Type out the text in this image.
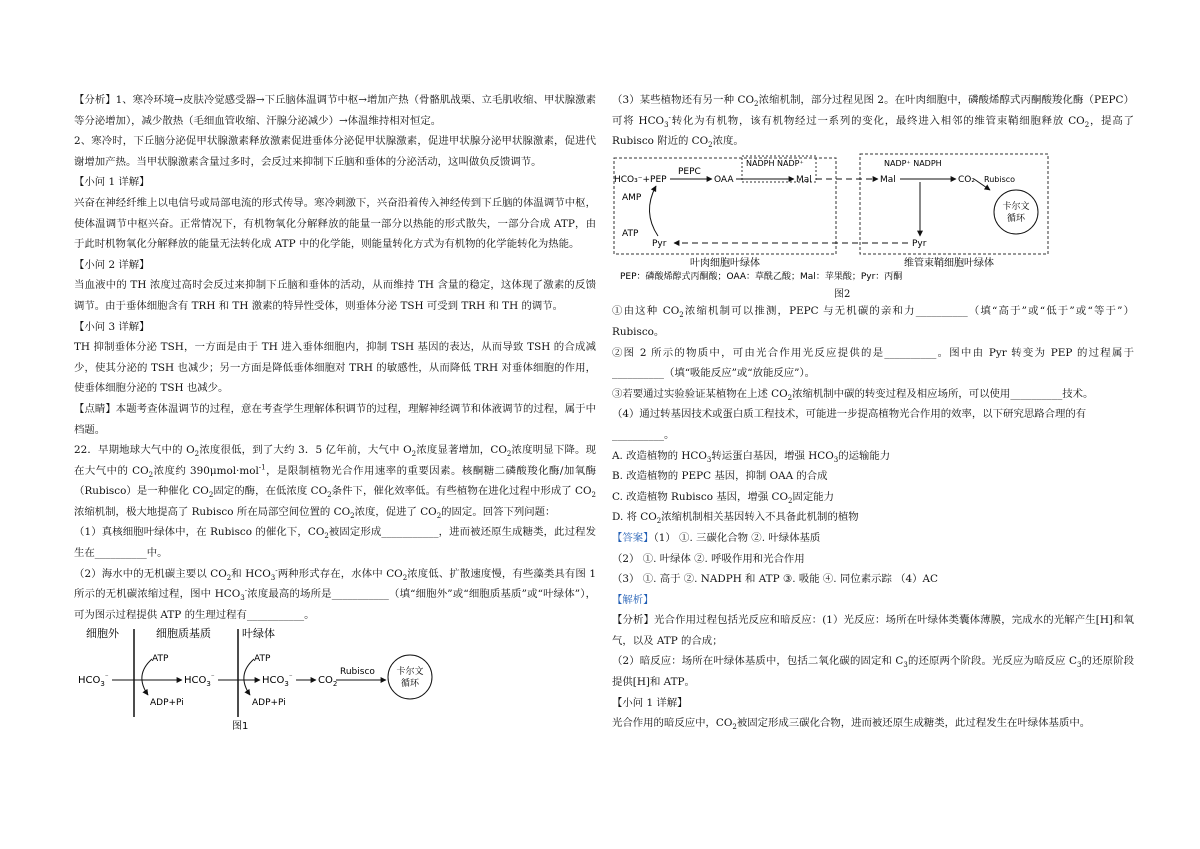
【分析】1、寒冷环境→皮肤冷觉感受器→下丘脑体温调节中枢→增加产热（骨骼肌战栗、立毛肌收缩、甲状腺激素等分泌增加），减少散热（毛细血管收缩、汗腺分泌减少）→体温维持相对恒定。

2、寒冷时，下丘脑分泌促甲状腺激素释放激素促进垂体分泌促甲状腺激素，促进甲状腺分泌甲状腺激素，促进代谢增加产热。当甲状腺激素含量过多时，会反过来抑制下丘脑和垂体的分泌活动，这叫做负反馈调节。

【小问 1 详解】

兴奋在神经纤维上以电信号或局部电流的形式传导。寒冷刺激下，兴奋沿着传入神经传到下丘脑的体温调节中枢，使体温调节中枢兴奋。正常情况下，有机物氧化分解释放的能量一部分以热能的形式散失，一部分合成 ATP，由于此时机物氧化分解释放的能量无法转化成 ATP 中的化学能，则能量转化方式为有机物的化学能转化为热能。

【小问 2 详解】

当血液中的 TH 浓度过高时会反过来抑制下丘脑和垂体的活动，从而维持 TH 含量的稳定，这体现了激素的反馈调节。由于垂体细胞含有 TRH 和 TH 激素的特异性受体，则垂体分泌 TSH 可受到 TRH 和 TH 的调节。

【小问 3 详解】

TH 抑制垂体分泌 TSH，一方面是由于 TH 进入垂体细胞内，抑制 TSH 基因的表达，从而导致 TSH 的合成减少，使其分泌的 TSH 也减少；另一方面是降低垂体细胞对 TRH 的敏感性，从而降低 TRH 对垂体细胞的作用，使垂体细胞分泌的 TSH 也减少。

【点睛】本题考查体温调节的过程，意在考查学生理解体积调节的过程，理解神经调节和体液调节的过程，属于中档题。

22．早期地球大气中的 $O_2$浓度很低，到了大约 3．5 亿年前，大气中 $O_2$浓度显著增加，$CO_2$浓度明显下降。现在大气中的 $CO_2$浓度约 390μmol·mol$^{-1}$，是限制植物光合作用速率的重要因素。核酮糖二磷酸羧化酶/加氧酶（Rubisco）是一种催化 $CO_2$固定的酶，在低浓度 $CO_2$条件下，催化效率低。有些植物在进化过程中形成了 $CO_2$浓缩机制，极大地提高了 Rubisco 所在局部空间位置的 $CO_2$浓度，促进了 $CO_2$的固定。回答下列问题：

（1）真核细胞叶绿体中，在 Rubisco 的催化下，$CO_2$被固定形成___________，进而被还原生成糖类，此过程发生在__________中。

（2）海水中的无机碳主要以 $CO_2$和 $HCO_3^-$两种形式存在，水体中 $CO_2$浓度低、扩散速度慢，有些藻类具有图 1 所示的无机碳浓缩过程，图中 $HCO_3^-$浓度最高的场所是___________（填“细胞外”或“细胞质基质”或“叶绿体”），可为图示过程提供 ATP 的生理过程有___________。

细胞外	细胞质基质	叶绿体
$HCO_3^{^-}$	$HCO_3^{^-}$	$HCO_3^{^-}$	$CO_2$
Rubisco 卡尔文
循环
ATP
ADP+Pi
ATP
ADP+Pi
图1

（3）某些植物还有另一种 $CO_2$浓缩机制，部分过程见图 2。在叶肉细胞中，磷酸烯醇式丙酮酸羧化酶（PEPC）可将 $HCO_3^-$转化为有机物，该有机物经过一系列的变化，最终进入相邻的维管束鞘细胞释放 $CO_2$，提高了 Rubisco 附近的 $CO_2$浓度。

HCO₃⁻+PEP
PEPC
OAA
NADPH NADP⁺
Mal	Mal
NADP⁺ NADPH
CO₂ Rubisco
卡尔文
循环
Pyr
Pyr
AMP
ATP
叶肉细胞叶绿体	维管束鞘细胞叶绿体
PEP：磷酸烯醇式丙酮酸；OAA：草酰乙酸；Mal：苹果酸；Pyr：丙酮
图2

①由这种 $CO_2$浓缩机制可以推测，PEPC 与无机碳的亲和力__________（填“高于”或“低于”或“等于”）Rubisco。

②图 2 所示的物质中，可由光合作用光反应提供的是__________。图中由 Pyr 转变为 PEP 的过程属于__________（填“吸能反应”或“放能反应”）。

③若要通过实验验证某植物在上述 $CO_2$浓缩机制中碳的转变过程及相应场所，可以使用__________技术。

（4）通过转基因技术或蛋白质工程技术，可能进一步提高植物光合作用的效率，以下研究思路合理的有
__________。

A. 改造植物的 $HCO_3$转运蛋白基因，增强 $HCO_3$的运输能力

B. 改造植物的 PEPC 基因，抑制 OAA 的合成

C. 改造植物 Rubisco 基因，增强 $CO_2$固定能力

D. 将 $CO_2$浓缩机制相关基因转入不具备此机制的植物

【答案】（1） ①. 三碳化合物 ②. 叶绿体基质

（2） ①. 叶绿体 ②. 呼吸作用和光合作用

（3） ①. 高于 ②. NADPH 和 ATP ③. 吸能 ④. 同位素示踪 （4）AC

【解析】

【分析】光合作用过程包括光反应和暗反应：(1）光反应：场所在叶绿体类囊体薄膜，完成水的光解产生[H]和氧气，以及 ATP 的合成；

（2）暗反应：场所在叶绿体基质中，包括二氧化碳的固定和 $C_3$的还原两个阶段。光反应为暗反应 $C_3$的还原阶段提供[H]和 ATP。

【小问 1 详解】

光合作用的暗反应中，$CO_2$被固定形成三碳化合物，进而被还原生成糖类，此过程发生在叶绿体基质中。
